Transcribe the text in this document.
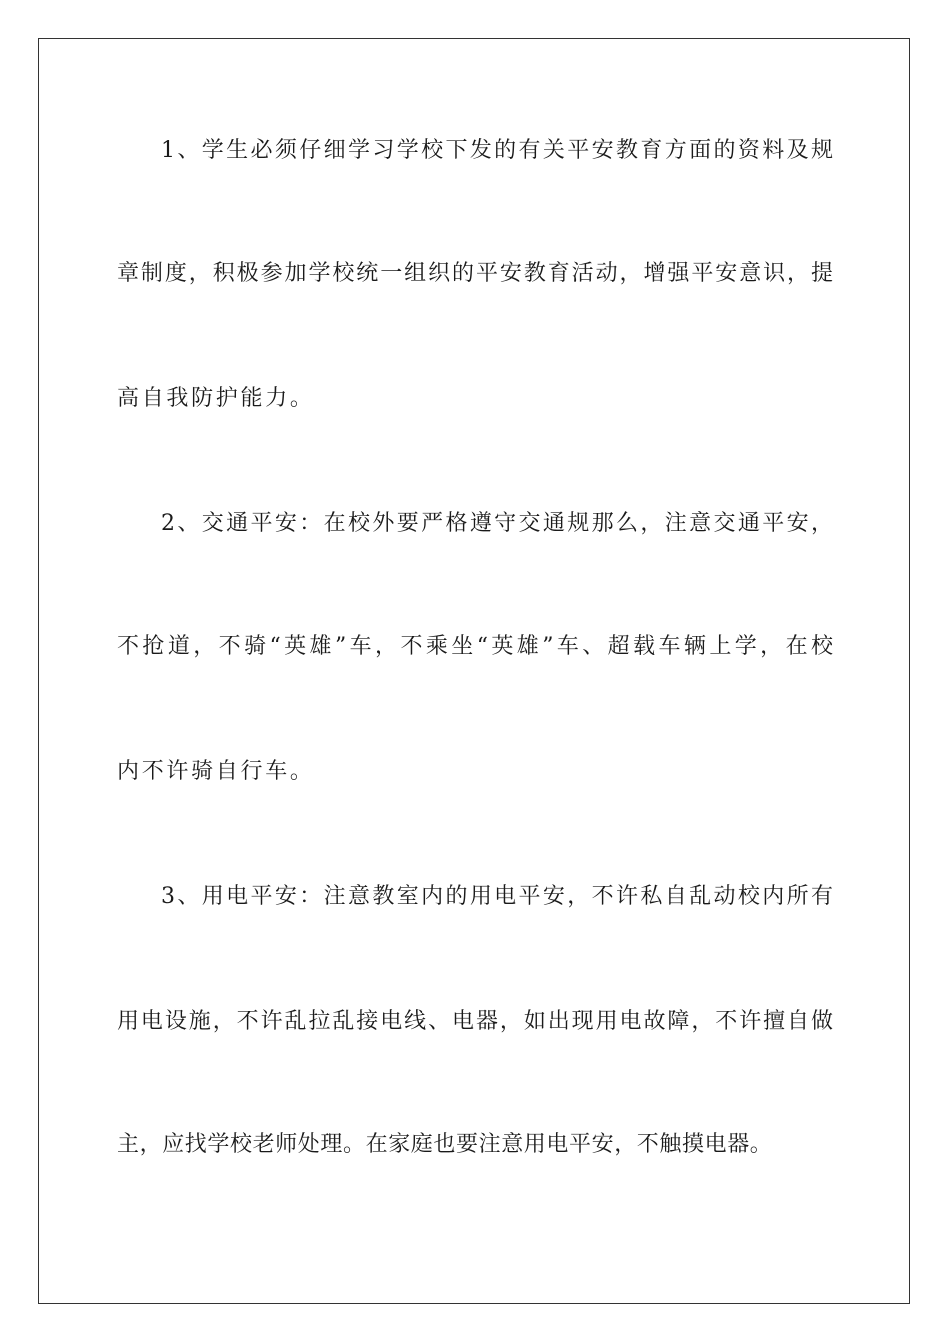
1、学生必须仔细学习学校下发的有关平安教育方面的资料及规
章制度，积极参加学校统一组织的平安教育活动，增强平安意识，提
高自我防护能力。
2、交通平安：在校外要严格遵守交通规那么，注意交通平安，
不抢道，不骑“英雄”车，不乘坐“英雄”车、超载车辆上学，在校
内不许骑自行车。
3、用电平安：注意教室内的用电平安，不许私自乱动校内所有
用电设施，不许乱拉乱接电线、电器，如出现用电故障，不许擅自做
主，应找学校老师处理。在家庭也要注意用电平安，不触摸电器。
